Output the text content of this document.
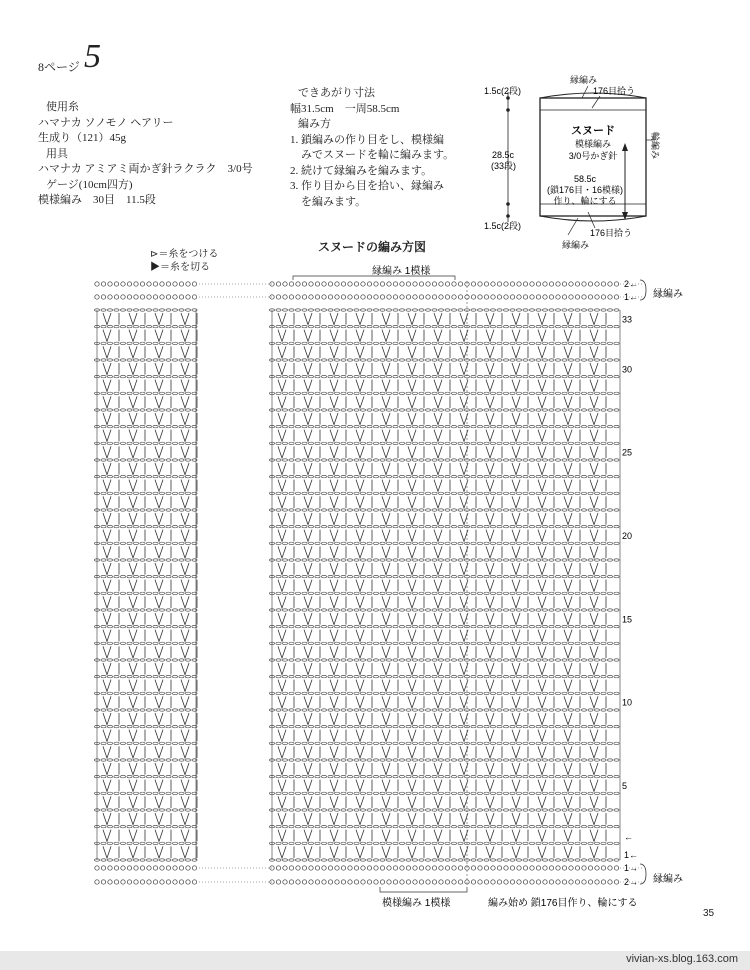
8ページ 5
使用糸
ハマナカ ソノモノ ヘアリー
生成り（121）45g
用具
ハマナカ アミアミ両かぎ針ラクラク　3/0号
ゲージ(10cm四方)
模様編み　30目　11.5段
できあがり寸法
幅31.5cm　一周58.5cm
編み方
1. 鎖編みの作り目をし、模様編
みでスヌードを輪に編みます。
2. 続けて縁編みを編みます。
3. 作り目から目を拾い、縁編み
を編みます。
縁編み
176目拾う
1.5c(2段)
28.5c
(33段)
1.5c(2段)
スヌード
模様編み
3/0号かぎ針	輪編み
58.5c
(鎖176目・16模様)
作り、輪にする
176目拾う
縁編み
スヌードの編み方図
⊳＝糸をつける
▶＝糸を切る	縁編み 1模様
模様編み 1模様	編み始め 鎖176目作り、輪にする
縁編み
縁編み
33
30
25
20
15
10
5
2←
1←
1→
2→
←
1←
35
vivian-xs.blog.163.com
